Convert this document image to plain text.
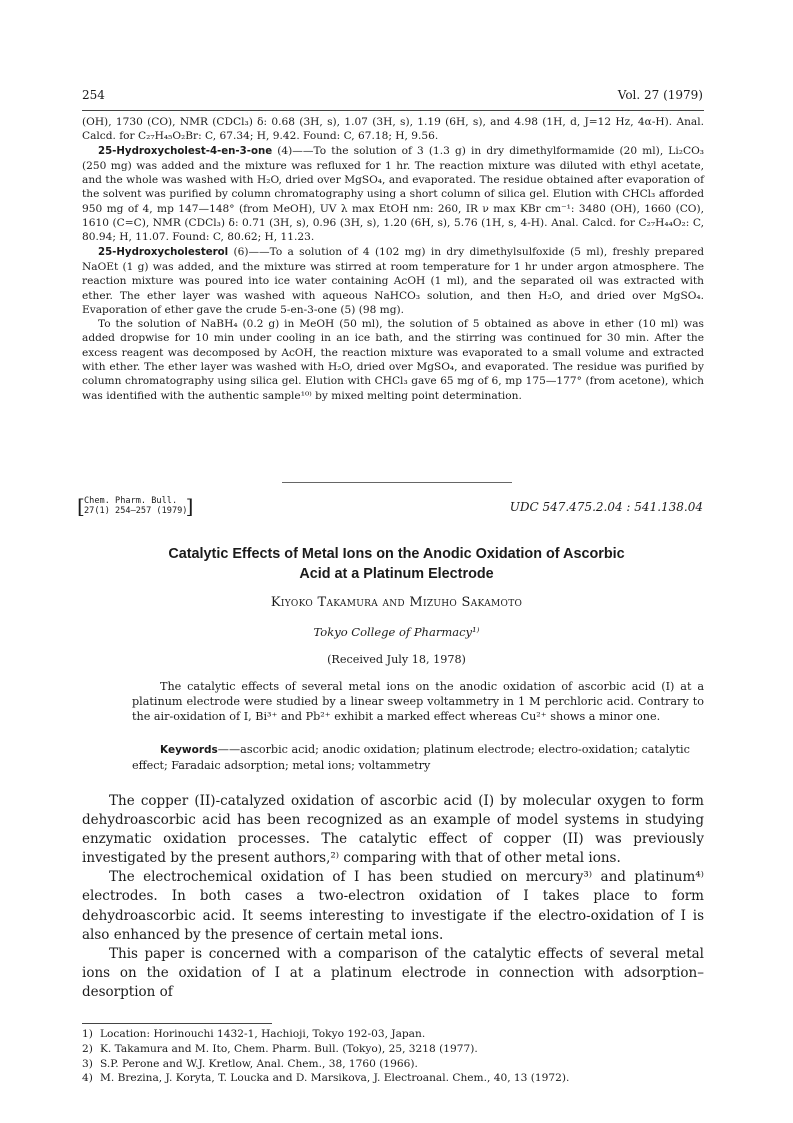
254	Vol. 27 (1979)

(OH), 1730 (CO), NMR (CDCl₃) δ: 0.68 (3H, s), 1.07 (3H, s), 1.19 (6H, s), and 4.98 (1H, d, J=12 Hz, 4α-H). Anal. Calcd. for C₂₇H₄₅O₂Br: C, 67.34; H, 9.42. Found: C, 67.18; H, 9.56.

25-Hydroxycholest-4-en-3-one (4)——To the solution of 3 (1.3 g) in dry dimethylformamide (20 ml), Li₂CO₃ (250 mg) was added and the mixture was refluxed for 1 hr. The reaction mixture was diluted with ethyl acetate, and the whole was washed with H₂O, dried over MgSO₄, and evaporated. The residue obtained after evaporation of the solvent was purified by column chromatography using a short column of silica gel. Elution with CHCl₃ afforded 950 mg of 4, mp 147—148° (from MeOH), UV λ max EtOH nm: 260, IR ν max KBr cm⁻¹: 3480 (OH), 1660 (CO), 1610 (C=C), NMR (CDCl₃) δ: 0.71 (3H, s), 0.96 (3H, s), 1.20 (6H, s), 5.76 (1H, s, 4-H). Anal. Calcd. for C₂₇H₄₄O₂: C, 80.94; H, 11.07. Found: C, 80.62; H, 11.23.

25-Hydroxycholesterol (6)——To a solution of 4 (102 mg) in dry dimethylsulfoxide (5 ml), freshly prepared NaOEt (1 g) was added, and the mixture was stirred at room temperature for 1 hr under argon atmosphere. The reaction mixture was poured into ice water containing AcOH (1 ml), and the separated oil was extracted with ether. The ether layer was washed with aqueous NaHCO₃ solution, and then H₂O, and dried over MgSO₄. Evaporation of ether gave the crude 5-en-3-one (5) (98 mg).

To the solution of NaBH₄ (0.2 g) in MeOH (50 ml), the solution of 5 obtained as above in ether (10 ml) was added dropwise for 10 min under cooling in an ice bath, and the stirring was continued for 30 min. After the excess reagent was decomposed by AcOH, the reaction mixture was evaporated to a small volume and extracted with ether. The ether layer was washed with H₂O, dried over MgSO₄, and evaporated. The residue was purified by column chromatography using silica gel. Elution with CHCl₃ gave 65 mg of 6, mp 175—177° (from acetone), which was identified with the authentic sample¹⁰⁾ by mixed melting point determination.

[ Chem. Pharm. Bull.
27(1) 254—257 (1979)
]	UDC 547.475.2.04 : 541.138.04
Catalytic Effects of Metal Ions on the Anodic Oxidation of Ascorbic
Acid at a Platinum Electrode
Kiyoko Takamura and Mizuho Sakamoto
Tokyo College of Pharmacy¹⁾
(Received July 18, 1978)

The catalytic effects of several metal ions on the anodic oxidation of ascorbic acid (I) at a platinum electrode were studied by a linear sweep voltammetry in 1 M perchloric acid. Contrary to the air-oxidation of I, Bi³⁺ and Pb²⁺ exhibit a marked effect whereas Cu²⁺ shows a minor one.

Keywords——ascorbic acid; anodic oxidation; platinum electrode; electro-oxidation; catalytic effect; Faradaic adsorption; metal ions; voltammetry

The copper (II)-catalyzed oxidation of ascorbic acid (I) by molecular oxygen to form dehydroascorbic acid has been recognized as an example of model systems in studying enzymatic oxidation processes. The catalytic effect of copper (II) was previously investigated by the present authors,²⁾ comparing with that of other metal ions.

The electrochemical oxidation of I has been studied on mercury³⁾ and platinum⁴⁾ electrodes. In both cases a two-electron oxidation of I takes place to form dehydroascorbic acid. It seems interesting to investigate if the electro-oxidation of I is also enhanced by the presence of certain metal ions.

This paper is concerned with a comparison of the catalytic effects of several metal ions on the oxidation of I at a platinum electrode in connection with adsorption–desorption of

1) Location: Horinouchi 1432-1, Hachioji, Tokyo 192-03, Japan.
2) K. Takamura and M. Ito, Chem. Pharm. Bull. (Tokyo), 25, 3218 (1977).
3) S.P. Perone and W.J. Kretlow, Anal. Chem., 38, 1760 (1966).
4) M. Brezina, J. Koryta, T. Loucka and D. Marsikova, J. Electroanal. Chem., 40, 13 (1972).
